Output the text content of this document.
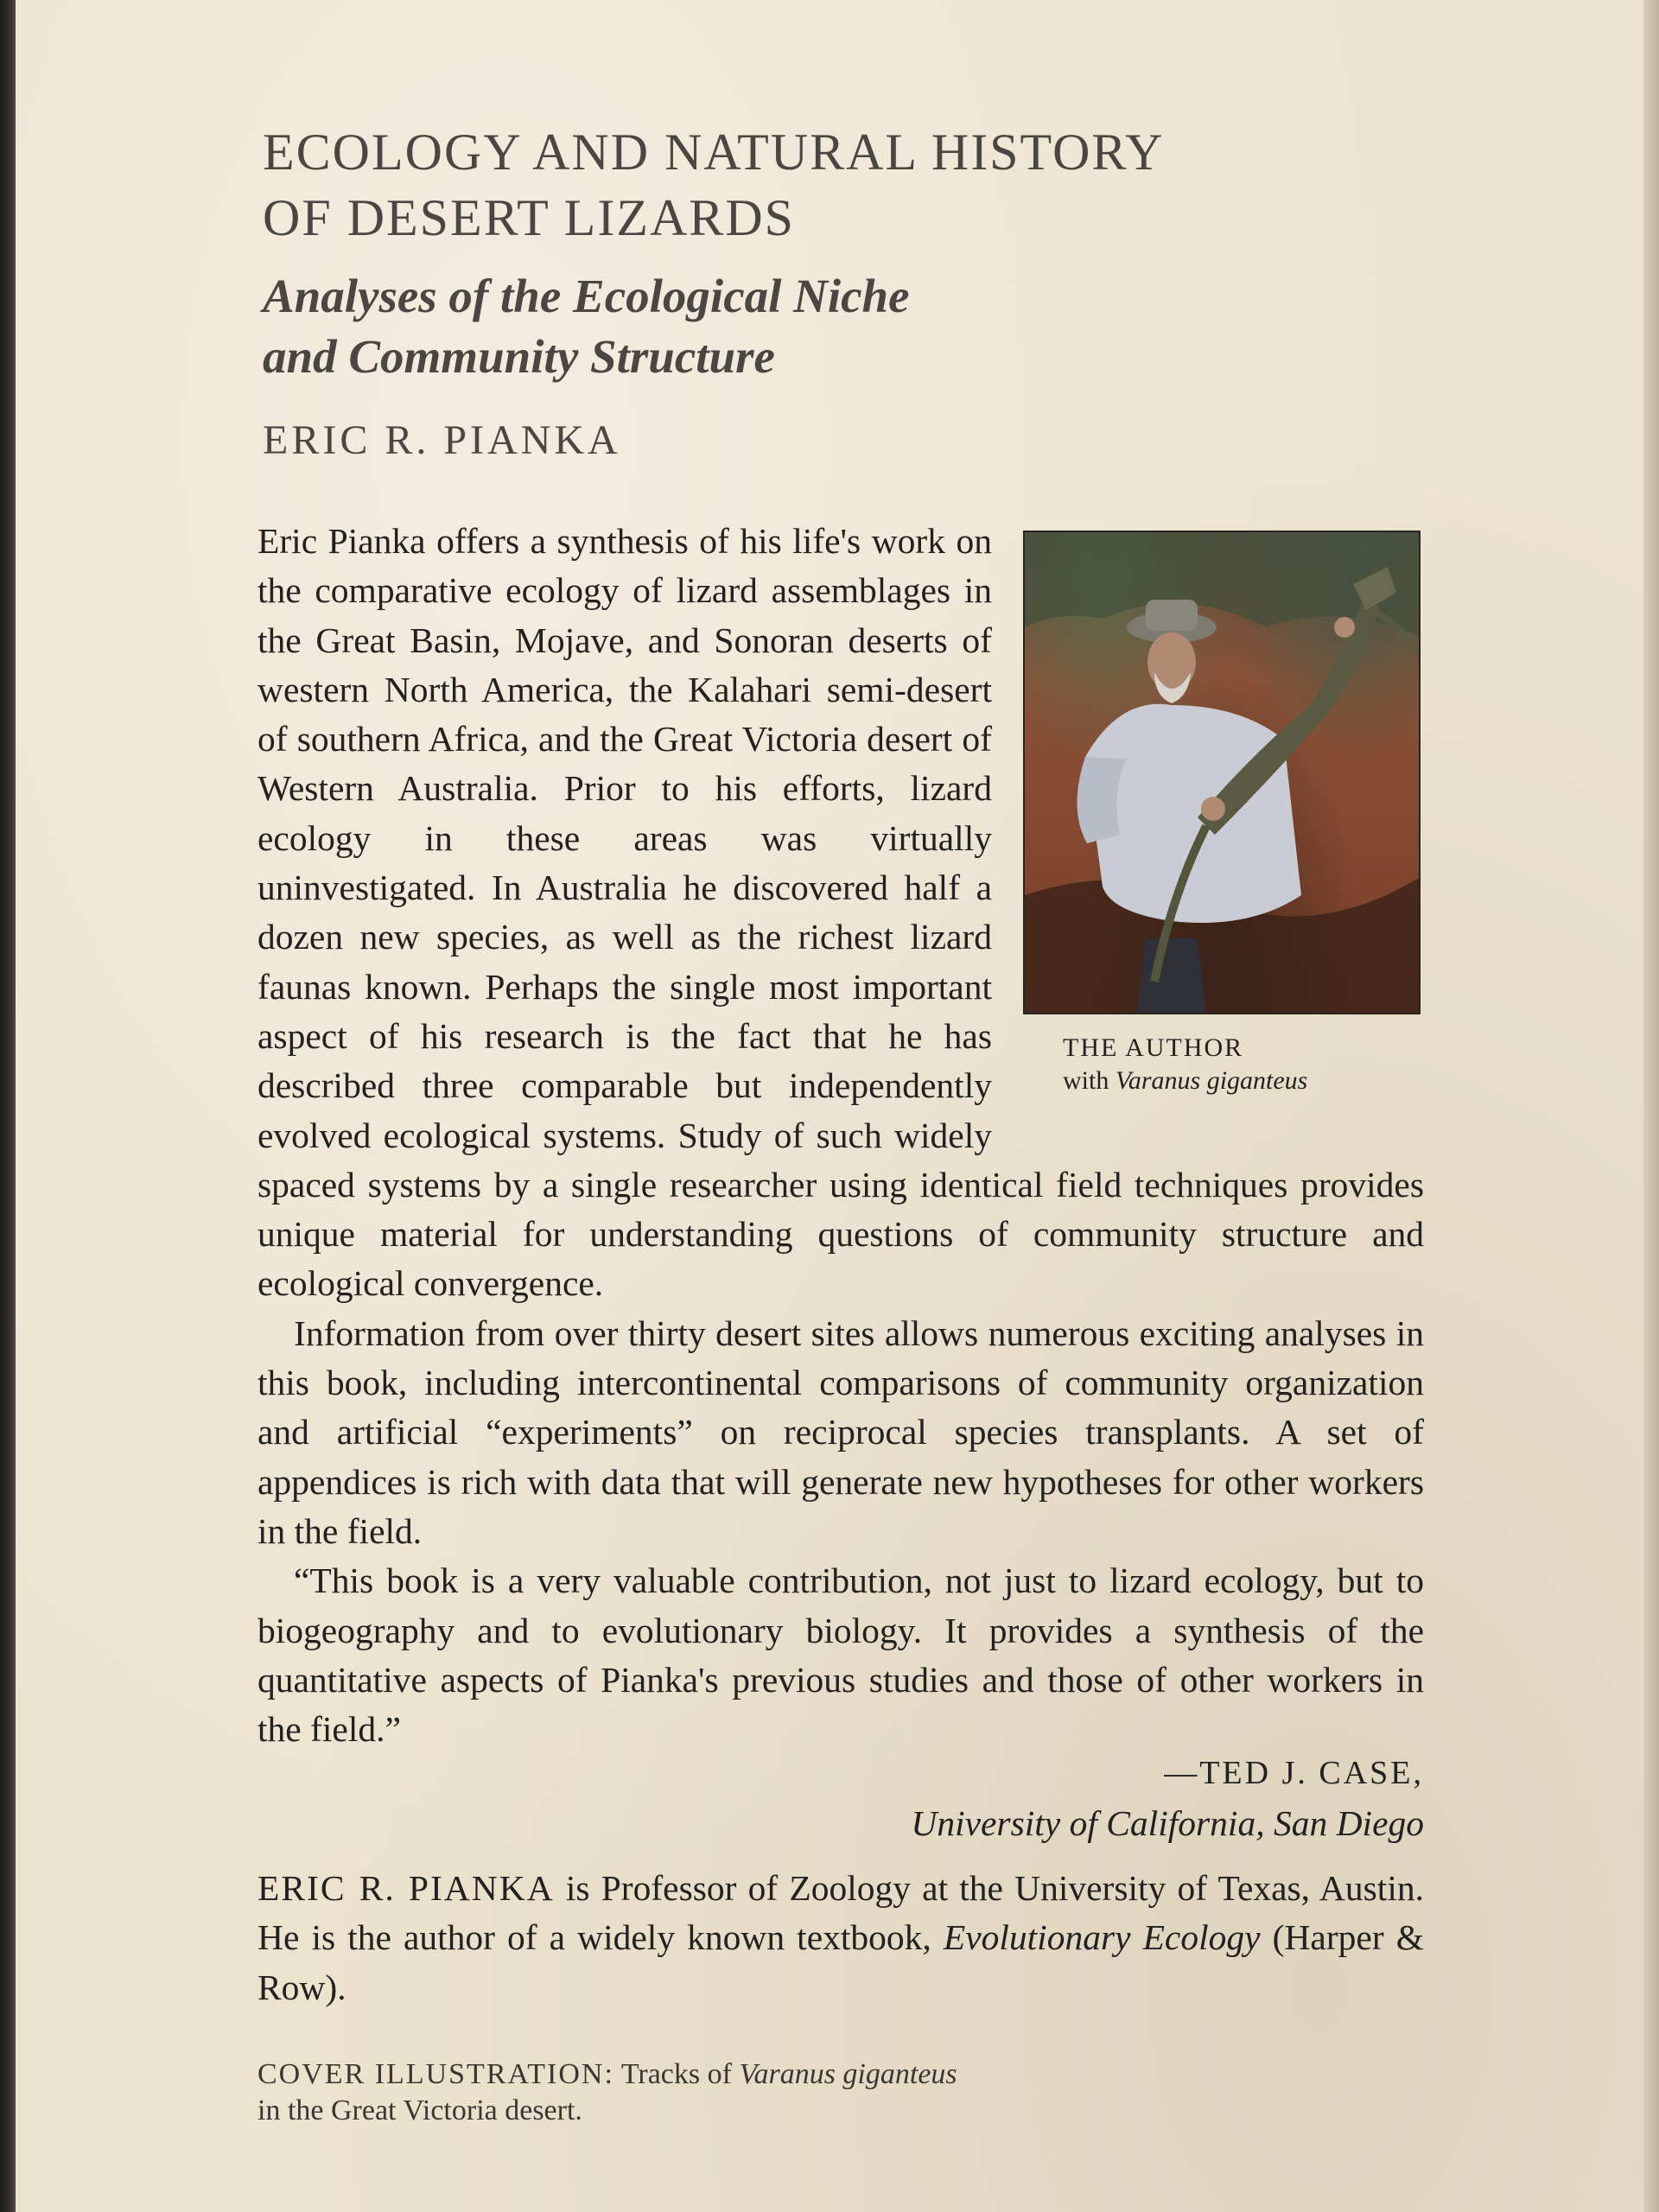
ECOLOGY AND NATURAL HISTORY
OF DESERT LIZARDS
Analyses of the Ecological Niche
and Community Structure
ERIC R. PIANKA
THE AUTHOR
with Varanus giganteus

Eric Pianka offers a synthesis of his life's work on the comparative ecology of lizard assemblages in the Great Basin, Mojave, and Sonoran deserts of western North America, the Kalahari semi-desert of southern Africa, and the Great Victoria desert of Western Australia. Prior to his efforts, lizard ecology in these areas was virtually uninvestigated. In Australia he discovered half a dozen new species, as well as the richest lizard faunas known. Perhaps the single most important aspect of his research is the fact that he has described three comparable but independently evolved ecological systems. Study of such widely spaced systems by a single researcher using identical field techniques provides unique material for understanding questions of community structure and ecological convergence.

Information from over thirty desert sites allows numerous exciting analyses in this book, including intercontinental comparisons of community organization and artificial “experiments” on reciprocal species transplants. A set of appendices is rich with data that will generate new hypotheses for other workers in the field.

“This book is a very valuable contribution, not just to lizard ecology, but to biogeography and to evolutionary biology. It provides a synthesis of the quantitative aspects of Pianka's previous studies and those of other workers in the field.”

—TED J. CASE,
University of California, San Diego

ERIC R. PIANKA is Professor of Zoology at the University of Texas, Austin. He is the author of a widely known textbook, Evolutionary Ecology (Harper & Row).

COVER ILLUSTRATION: Tracks of Varanus giganteus
in the Great Victoria desert.
